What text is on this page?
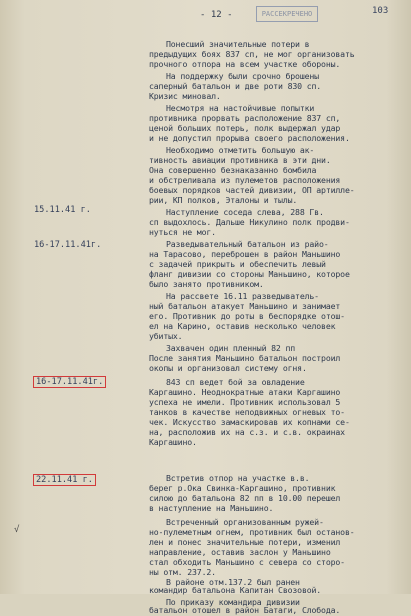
- 12 -	РАССЕКРЕЧЕНО	103
15.11.41 г.
16-17.11.41г.
16-17.11.41г.
22.11.41 г.
√
Понесший значительные потери в
предыдущих боях 837 сп, не мог организовать
прочного отпора на всем участке обороны.
На поддержку были срочно брошены
саперный батальон и две роти 830 сп.
Кризис миновал.
Несмотря на настойчивые попытки
противника прорвать расположение 837 сп,
ценой больших потерь, полк выдержал удар
и не допустил прорыва своего расположения.
Необходимо отметить большую ак-
тивность авиации противника в эти дни.
Она совершенно безнаказанно бомбила
и обстреливала из пулеметов расположения
боевых порядков частей дивизии, ОП артилле-
рии, КП полков, Эталоны и тылы.
Наступление соседа слева, 288 Гв.
сп выдохлось. Дальше Никулино полк продви-
нуться не мог.
Разведывательный батальон из райо-
на Тарасово, переброшен в район Маньшино
с задачей прикрыть и обеспечить левый
фланг дивизии со стороны Маньшино, которое
было занято противником.
На рассвете 16.11 разведыватель-
ный батальон атакует Маньшино и занимает
его. Противник до роты в беспорядке отош-
ел на Карино, оставив несколько человек
убитых.
Захвачен один пленный 82 пп
После занятия Маньшино батальон построил
окопы и организовал систему огня.
843 сп ведет бой за овладение
Каргашино. Неоднократные атаки Каргашино
успеха не имели. Противник использовал 5
танков в качестве неподвижных огневых то-
чек. Искусство замаскировав их копнами се-
на, расположив их на с.з. и с.в. окраинах
Каргашино.
Встретив отпор на участке в.в.
берег р.Ока Свинка-Каргашино, противник
силою до батальона 82 пп в 10.00 перешел
в наступление на Маньшино.
Встреченный организованным ружей-
но-пулеметным огнем, противник был останов-
лен и понес значительные потери, изменил
направление, оставив заслон у Маньшино
стал обходить Маньшино с севера со сторо-
ны отм. 237.2.
В районе отм.137.2 был ранен
командир батальона Капитан Свозовой.
По приказу командира дивизии
батальон отошел в район Батаги, Слобода.
